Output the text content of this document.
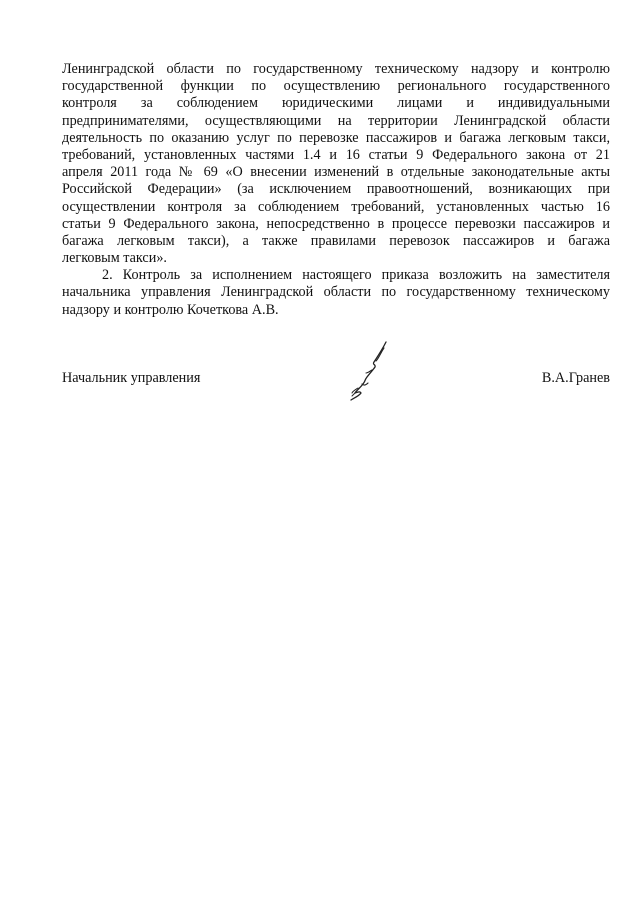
Ленинградской области по государственному техническому надзору и контролю
государственной функции по осуществлению регионального государственного
контроля за соблюдением юридическими лицами и индивидуальными
предпринимателями, осуществляющими на территории Ленинградской области
деятельность по оказанию услуг по перевозке пассажиров и багажа легковым такси,
требований, установленных частями 1.4 и 16 статьи 9 Федерального закона от 21
апреля 2011 года № 69 «О внесении изменений в отдельные законодательные акты
Российской Федерации» (за исключением правоотношений, возникающих при
осуществлении контроля за соблюдением требований, установленных частью 16
статьи 9 Федерального закона, непосредственно в процессе перевозки пассажиров и
багажа легковым такси), а также правилами перевозок пассажиров и багажа
легковым такси».
2. Контроль за исполнением настоящего приказа возложить на заместителя
начальника управления Ленинградской области по государственному техническому
надзору и контролю Кочеткова А.В.
Начальник управления	В.А.Гранев
